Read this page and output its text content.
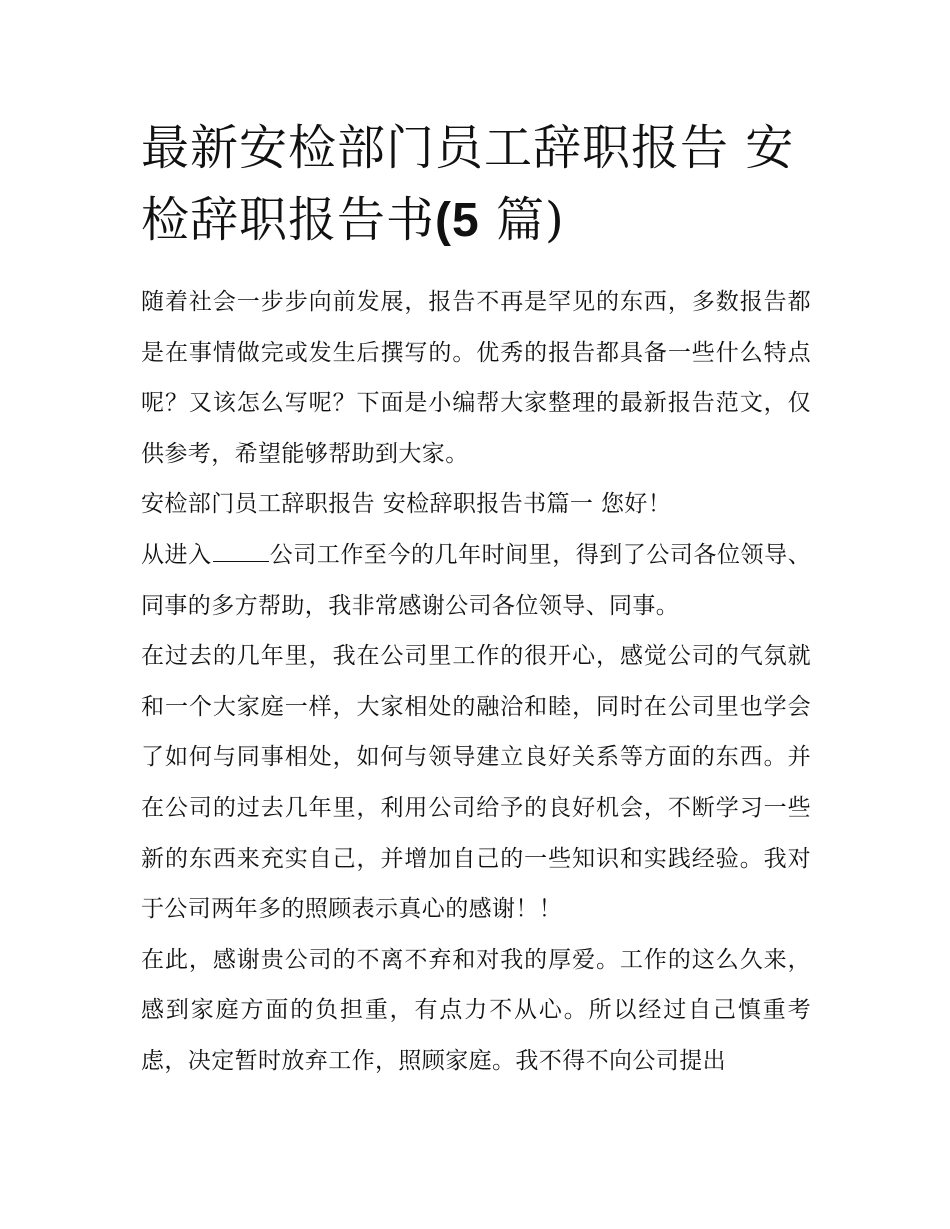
最新安检部门员工辞职报告 安检辞职报告书(5 篇)

随着社会一步步向前发展，报告不再是罕见的东西，多数报告都是在事情做完或发生后撰写的。优秀的报告都具备一些什么特点呢？又该怎么写呢？下面是小编帮大家整理的最新报告范文，仅供参考，希望能够帮助到大家。

安检部门员工辞职报告 安检辞职报告书篇一 您好！

从进入	公司工作至今的几年时间里，得到了公司各位领导、同事的多方帮助，我非常感谢公司各位领导、同事。

在过去的几年里，我在公司里工作的很开心，感觉公司的气氛就和一个大家庭一样，大家相处的融洽和睦，同时在公司里也学会了如何与同事相处，如何与领导建立良好关系等方面的东西。并在公司的过去几年里，利用公司给予的良好机会，不断学习一些新的东西来充实自己，并增加自己的一些知识和实践经验。我对于公司两年多的照顾表示真心的感谢！！

在此，感谢贵公司的不离不弃和对我的厚爱。工作的这么久来，感到家庭方面的负担重，有点力不从心。所以经过自己慎重考虑，决定暂时放弃工作，照顾家庭。我不得不向公司提出
